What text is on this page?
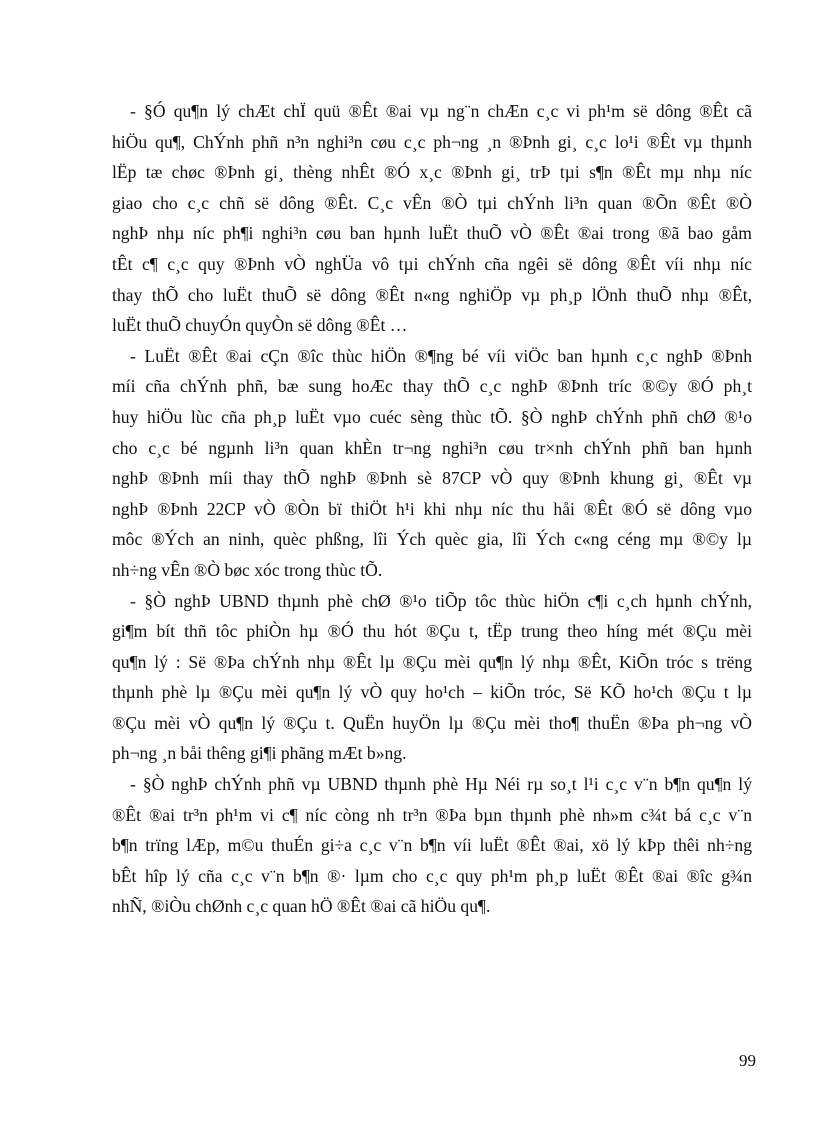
- §Ó qu¶n lý chÆt chÏ quü ®Êt ®ai vµ ng¨n chÆn c¸c vi ph¹m së dông ®Êt cã
hiÖu qu¶, ChÝnh phñ n³n nghi³n cøu c¸c ph¬ng ¸n ®Þnh gi¸ c¸c lo¹i ®Êt vµ thµnh
lËp tæ chøc ®Þnh gi¸ thèng nhÊt ®Ó x¸c ®Þnh gi¸ trÞ tµi s¶n ®Êt mµ nhµ níc
giao cho c¸c chñ së dông ®Êt. C¸c vÊn ®Ò tµi chÝnh li³n quan ®Õn ®Êt ®Ò
nghÞ nhµ níc ph¶i nghi³n cøu ban hµnh luËt thuÕ vÒ ®Êt ®ai trong ®ã bao gåm
tÊt c¶ c¸c quy ®Þnh vÒ nghÜa vô tµi chÝnh cña ngêi së dông ®Êt víi nhµ níc
thay thÕ cho luËt thuÕ së dông ®Êt n«ng nghiÖp vµ ph¸p lÖnh thuÕ nhµ ®Êt,
luËt thuÕ chuyÓn quyÒn së dông ®Êt …
- LuËt ®Êt ®ai cÇn ®îc thùc hiÖn ®¶ng bé víi viÖc ban hµnh c¸c nghÞ ®Þnh
míi cña chÝnh phñ, bæ sung hoÆc thay thÕ c¸c nghÞ ®Þnh tríc ®©y ®Ó ph¸t
huy hiÖu lùc cña ph¸p luËt vµo cuéc sèng thùc tÕ. §Ò nghÞ chÝnh phñ chØ ®¹o
cho c¸c bé ngµnh li³n quan khÈn tr¬ng nghi³n cøu tr×nh chÝnh phñ ban hµnh
nghÞ ®Þnh míi thay thÕ nghÞ ®Þnh sè 87CP vÒ quy ®Þnh khung gi¸ ®Êt vµ
nghÞ ®Þnh 22CP vÒ ®Òn bï thiÖt h¹i khi nhµ níc thu håi ®Êt ®Ó së dông vµo
môc ®Ých an ninh, quèc phßng, lîi Ých quèc gia, lîi Ých c«ng céng mµ ®©y lµ
nh÷ng vÊn ®Ò bøc xóc trong thùc tÕ.
- §Ò nghÞ UBND thµnh phè chØ ®¹o tiÕp tôc thùc hiÖn c¶i c¸ch hµnh chÝnh,
gi¶m bít thñ tôc phiÒn hµ ®Ó thu hót ®Çu t, tËp trung theo híng mét ®Çu mèi
qu¶n lý : Së ®Þa chÝnh nhµ ®Êt lµ ®Çu mèi qu¶n lý nhµ ®Êt, KiÕn tróc s trëng
thµnh phè lµ ®Çu mèi qu¶n lý vÒ quy ho¹ch – kiÕn tróc, Së KÕ ho¹ch ®Çu t lµ
®Çu mèi vÒ qu¶n lý ®Çu t. QuËn huyÖn lµ ®Çu mèi tho¶ thuËn ®Þa ph¬ng vÒ
ph¬ng ¸n båi thêng gi¶i phãng mÆt b»ng.
- §Ò nghÞ chÝnh phñ vµ UBND thµnh phè Hµ Néi rµ so¸t l¹i c¸c v¨n b¶n qu¶n lý
®Êt ®ai tr³n ph¹m vi c¶ níc còng nh tr³n ®Þa bµn thµnh phè nh»m c¾t bá c¸c v¨n
b¶n trïng lÆp, m©u thuÉn gi÷a c¸c v¨n b¶n víi luËt ®Êt ®ai, xö lý kÞp thêi nh÷ng
bÊt hîp lý cña c¸c v¨n b¶n ®· lµm cho c¸c quy ph¹m ph¸p luËt ®Êt ®ai ®îc g¾n
nhÑ, ®iÒu chØnh c¸c quan hÖ ®Êt ®ai cã hiÖu qu¶.
99
